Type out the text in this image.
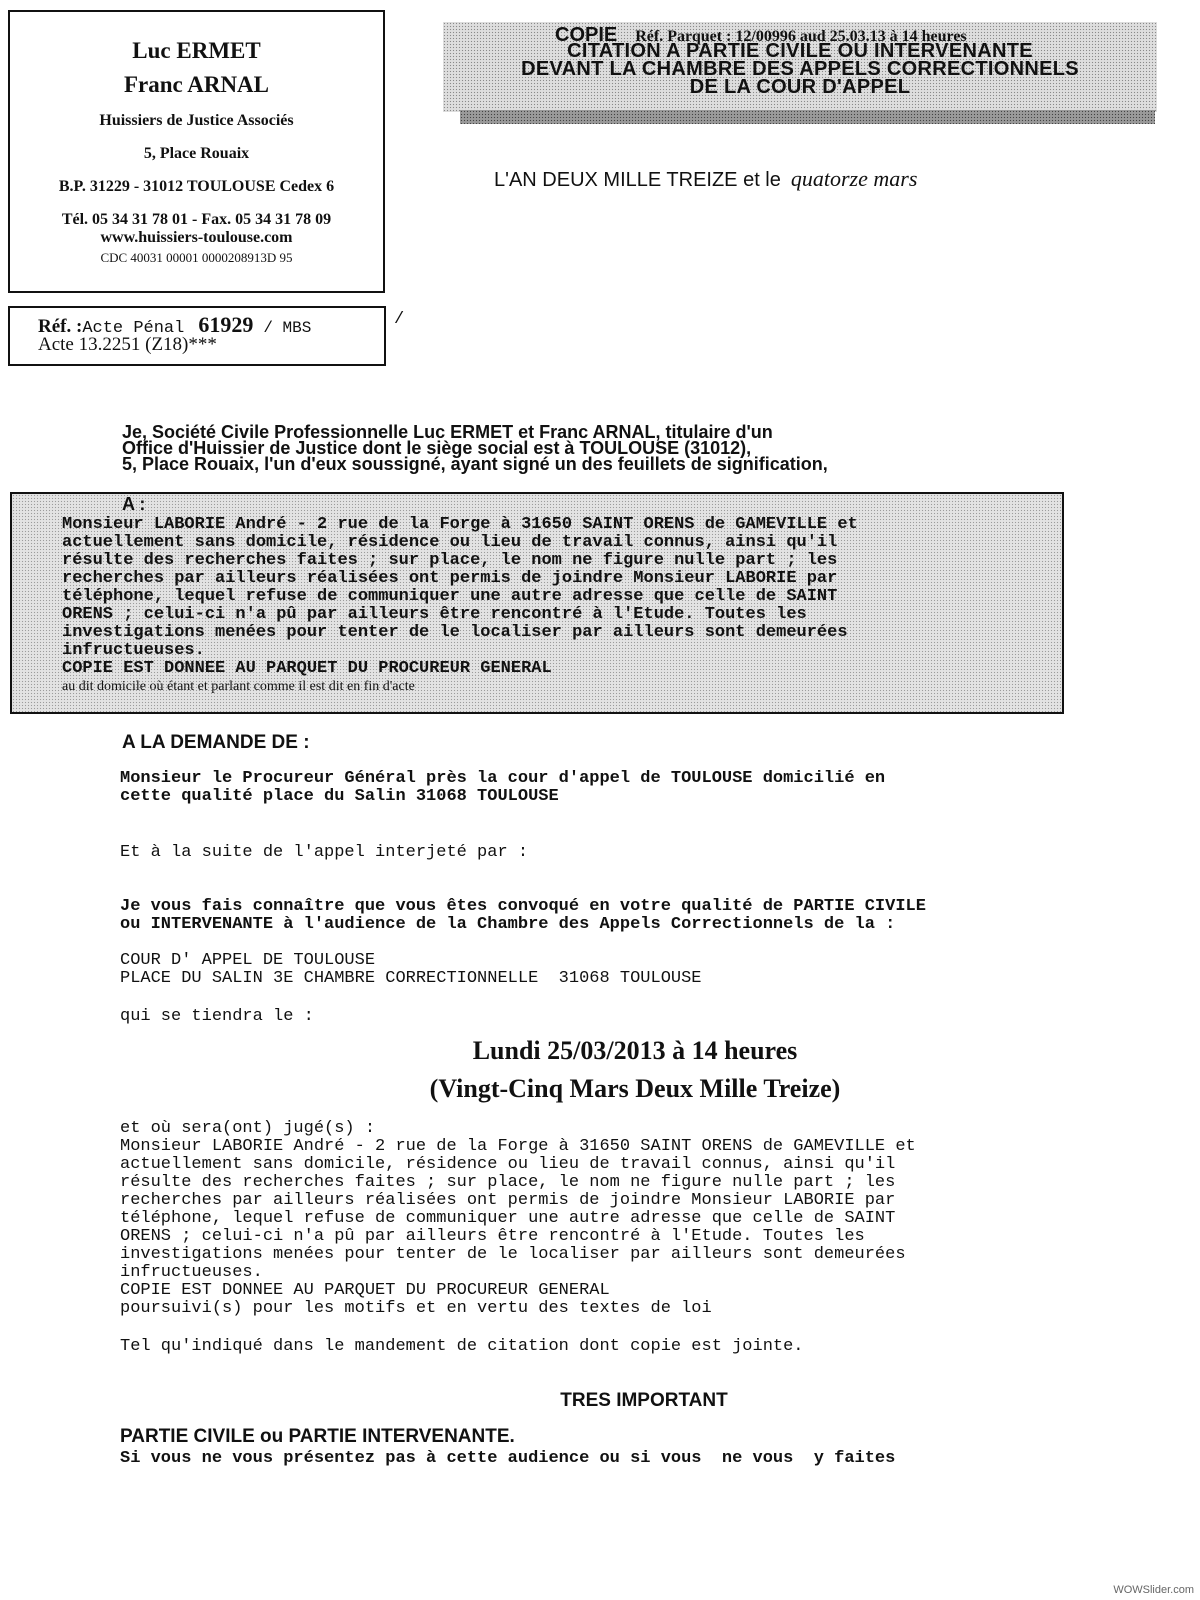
Luc ERMET
Franc ARNAL
Huissiers de Justice Associés
5, Place Rouaix
B.P. 31229 - 31012 TOULOUSE Cedex 6
Tél. 05 34 31 78 01 - Fax. 05 34 31 78 09
www.huissiers-toulouse.com
CDC 40031 00001 0000208913D 95
Réf. :Acte Pénal 61929 / MBS
Acte 13.2251 (Z18)***
/
COPIE Réf. Parquet : 12/00996 aud 25.03.13 à 14 heures
CITATION A PARTIE CIVILE OU INTERVENANTE
DEVANT LA CHAMBRE DES APPELS CORRECTIONNELS
DE LA COUR D'APPEL
L'AN DEUX MILLE TREIZE et le quatorze mars
Je, Société Civile Professionnelle Luc ERMET et Franc ARNAL, titulaire d'un
Office d'Huissier de Justice dont le siège social est à TOULOUSE (31012),
5, Place Rouaix, l'un d'eux soussigné, ayant signé un des feuillets de signification,
A :
Monsieur LABORIE André - 2 rue de la Forge à 31650 SAINT ORENS de GAMEVILLE et
actuellement sans domicile, résidence ou lieu de travail connus, ainsi qu'il
résulte des recherches faites ; sur place, le nom ne figure nulle part ; les
recherches par ailleurs réalisées ont permis de joindre Monsieur LABORIE par
téléphone, lequel refuse de communiquer une autre adresse que celle de SAINT
ORENS ; celui-ci n'a pû par ailleurs être rencontré à l'Etude. Toutes les
investigations menées pour tenter de le localiser par ailleurs sont demeurées
infructueuses.
COPIE EST DONNEE AU PARQUET DU PROCUREUR GENERAL
au dit domicile où étant et parlant comme il est dit en fin d'acte
A LA DEMANDE DE :
Monsieur le Procureur Général près la cour d'appel de TOULOUSE domicilié en
cette qualité place du Salin 31068 TOULOUSE
Et à la suite de l'appel interjeté par :
Je vous fais connaître que vous êtes convoqué en votre qualité de PARTIE CIVILE
ou INTERVENANTE à l'audience de la Chambre des Appels Correctionnels de la :
COUR D' APPEL DE TOULOUSE
PLACE DU SALIN 3E CHAMBRE CORRECTIONNELLE  31068 TOULOUSE
qui se tiendra le :
Lundi 25/03/2013 à 14 heures
(Vingt-Cinq Mars Deux Mille Treize)
et où sera(ont) jugé(s) :
Monsieur LABORIE André - 2 rue de la Forge à 31650 SAINT ORENS de GAMEVILLE et
actuellement sans domicile, résidence ou lieu de travail connus, ainsi qu'il
résulte des recherches faites ; sur place, le nom ne figure nulle part ; les
recherches par ailleurs réalisées ont permis de joindre Monsieur LABORIE par
téléphone, lequel refuse de communiquer une autre adresse que celle de SAINT
ORENS ; celui-ci n'a pû par ailleurs être rencontré à l'Etude. Toutes les
investigations menées pour tenter de le localiser par ailleurs sont demeurées
infructueuses.
COPIE EST DONNEE AU PARQUET DU PROCUREUR GENERAL
poursuivi(s) pour les motifs et en vertu des textes de loi
Tel qu'indiqué dans le mandement de citation dont copie est jointe.
TRES IMPORTANT
PARTIE CIVILE ou PARTIE INTERVENANTE.
Si vous ne vous présentez pas à cette audience ou si vous  ne vous  y faites
WOWSlider.com
